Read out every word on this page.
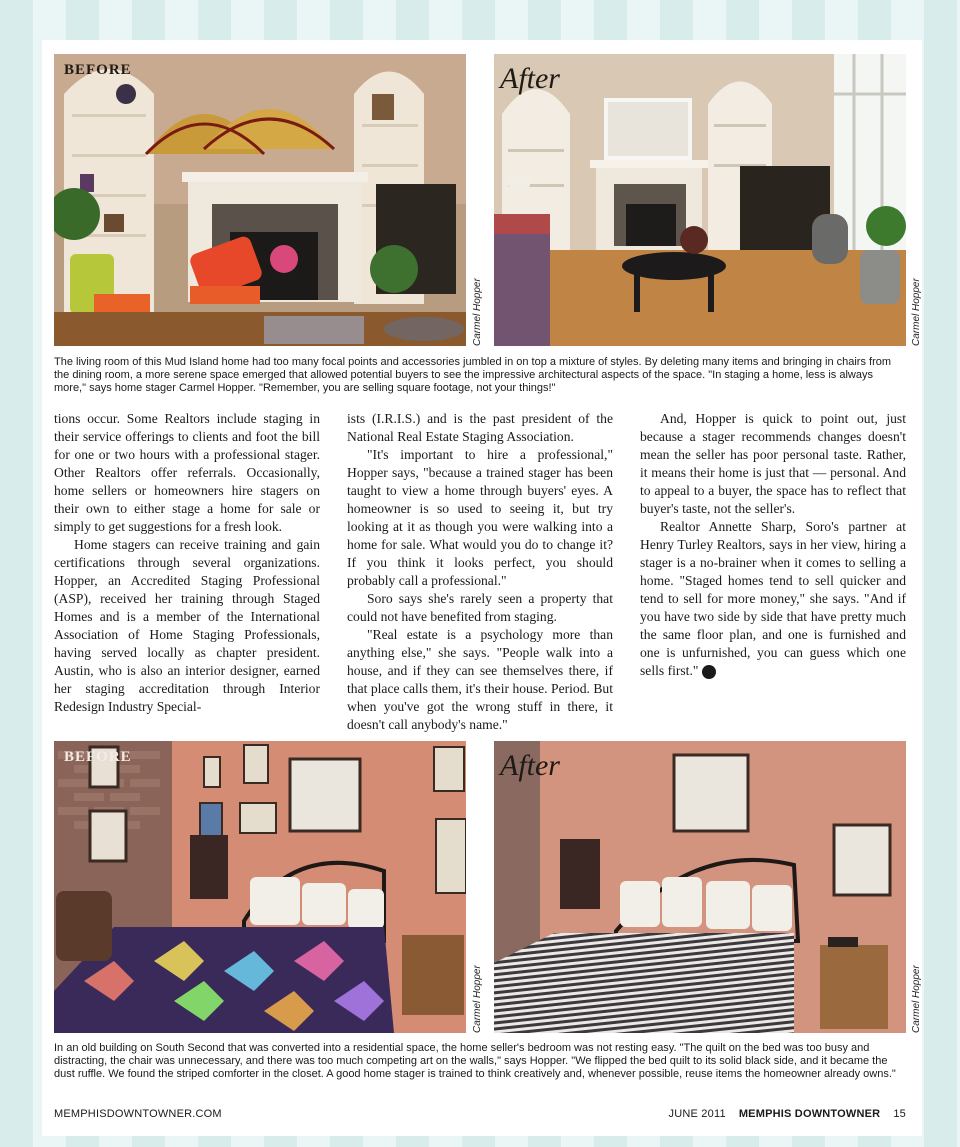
BEFORE
Carmel Hopper
After
Carmel Hopper
The living room of this Mud Island home had too many focal points and accessories jumbled in on top a mixture of styles. By deleting many items and bringing in chairs from the dining room, a more serene space emerged that allowed potential buyers to see the impressive architectural aspects of the space. "In staging a home, less is always more," says home stager Carmel Hopper. "Remember, you are selling square footage, not your things!"

tions occur. Some Realtors include staging in their service offerings to clients and foot the bill for one or two hours with a professional stager. Other Realtors offer referrals. Occasionally, home sellers or homeowners hire stagers on their own to either stage a home for sale or simply to get suggestions for a fresh look.

Home stagers can receive training and gain certifications through several organizations. Hopper, an Accredited Staging Professional (ASP), received her training through Staged Homes and is a member of the International Association of Home Staging Professionals, having served locally as chapter president. Austin, who is also an interior designer, earned her staging accreditation through Interior Redesign Industry Special-

ists (I.R.I.S.) and is the past president of the National Real Estate Staging Association.

"It's important to hire a professional," Hopper says, "because a trained stager has been taught to view a home through buyers' eyes. A homeowner is so used to seeing it, but try looking at it as though you were walking into a home for sale. What would you do to change it? If you think it looks perfect, you should probably call a professional."

Soro says she's rarely seen a property that could not have benefited from staging.

"Real estate is a psychology more than anything else," she says. "People walk into a house, and if they can see themselves there, if that place calls them, it's their house. Period. But when you've got the wrong stuff in there, it doesn't call anybody's name."

And, Hopper is quick to point out, just because a stager recommends changes doesn't mean the seller has poor personal taste. Rather, it means their home is just that — personal. And to appeal to a buyer, the space has to reflect that buyer's taste, not the seller's.

Realtor Annette Sharp, Soro's partner at Henry Turley Realtors, says in her view, hiring a stager is a no-brainer when it comes to selling a home. "Staged homes tend to sell quicker and tend to sell for more money," she says. "And if you have two side by side that have pretty much the same floor plan, and one is furnished and one is unfurnished, you can guess which one sells first."	MD

BEFORE
Carmel Hopper
After
Carmel Hopper
In an old building on South Second that was converted into a residential space, the home seller's bedroom was not resting easy. "The quilt on the bed was too busy and distracting, the chair was unnecessary, and there was too much competing art on the walls," says Hopper. "We flipped the bed quilt to its solid black side, and it became the dust ruffle. We found the striped comforter in the closet. A good home stager is trained to think creatively and, whenever possible, reuse items the homeowner already owns."
MEMPHISDOWNTOWNER.COM	JUNE 2011 MEMPHIS DOWNTOWNER 15
